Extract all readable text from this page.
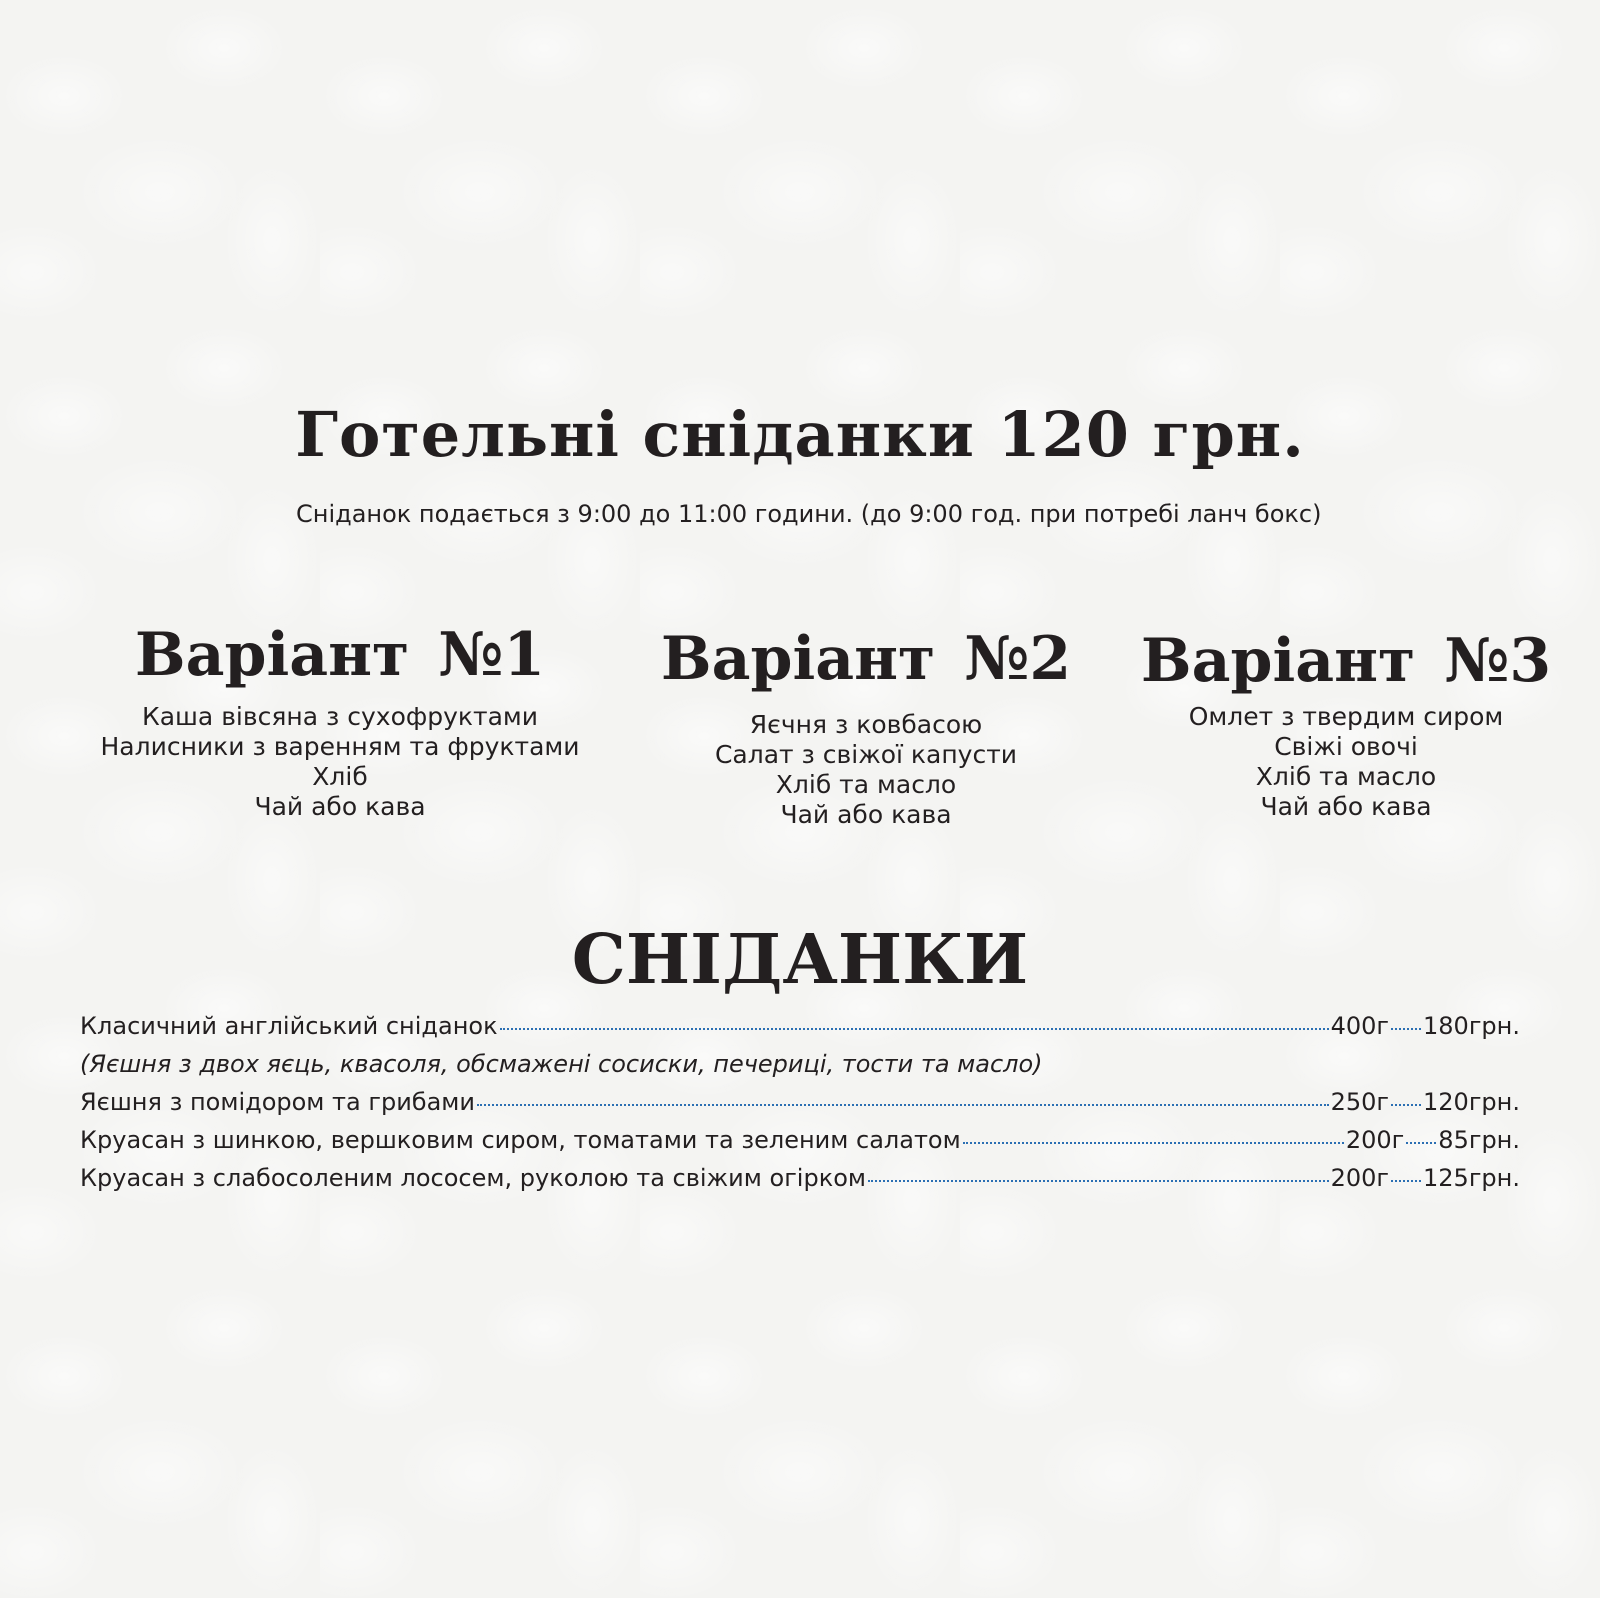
Готельні сніданки 120 грн.

Сніданок подається з 9:00 до 11:00 години. (до 9:00 год. при потребі ланч бокс)

Варіант №1
Каша вівсяна з сухофруктами
Налисники з варенням та фруктами
Хліб
Чай або кава
Варіант №2
Яєчня з ковбасою
Салат з свіжої капусти
Хліб та масло
Чай або кава
Варіант №3
Омлет з твердим сиром
Свіжі овочі
Хліб та масло
Чай або кава
СНІДАНКИ
Класичний англійський сніданок	400г 180грн.
(Яєшня з двох яєць, квасоля, обсмажені сосиски, печериці, тости та масло)
Яєшня з помідором та грибами	250г 120грн.
Круасан з шинкою, вершковим сиром, томатами та зеленим салатом	200г 85грн.
Круасан з слабосоленим лососем, руколою та свіжим огірком	200г 125грн.
